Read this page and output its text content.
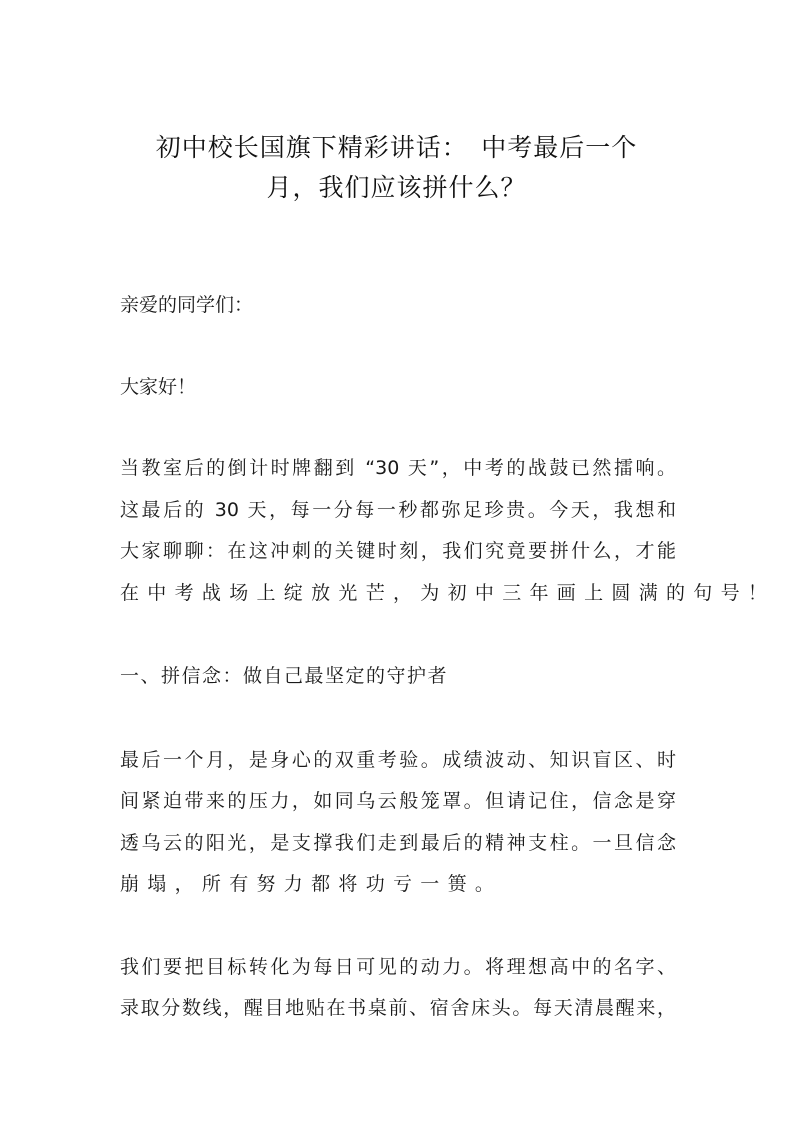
初中校长国旗下精彩讲话：　中考最后一个
月，我们应该拼什么？
亲爱的同学们：
大家好！
当教室后的倒计时牌翻到 “30 天”，中考的战鼓已然擂响。
这最后的 30 天，每一分每一秒都弥足珍贵。今天，我想和
大家聊聊：在这冲刺的关键时刻，我们究竟要拼什么，才能
在中考战场上绽放光芒，为初中三年画上圆满的句号！
一、拼信念：做自己最坚定的守护者
最后一个月，是身心的双重考验。成绩波动、知识盲区、时
间紧迫带来的压力，如同乌云般笼罩。但请记住，信念是穿
透乌云的阳光，是支撑我们走到最后的精神支柱。一旦信念
崩塌，所有努力都将功亏一篑。
我们要把目标转化为每日可见的动力。将理想高中的名字、
录取分数线，醒目地贴在书桌前、宿舍床头。每天清晨醒来，
